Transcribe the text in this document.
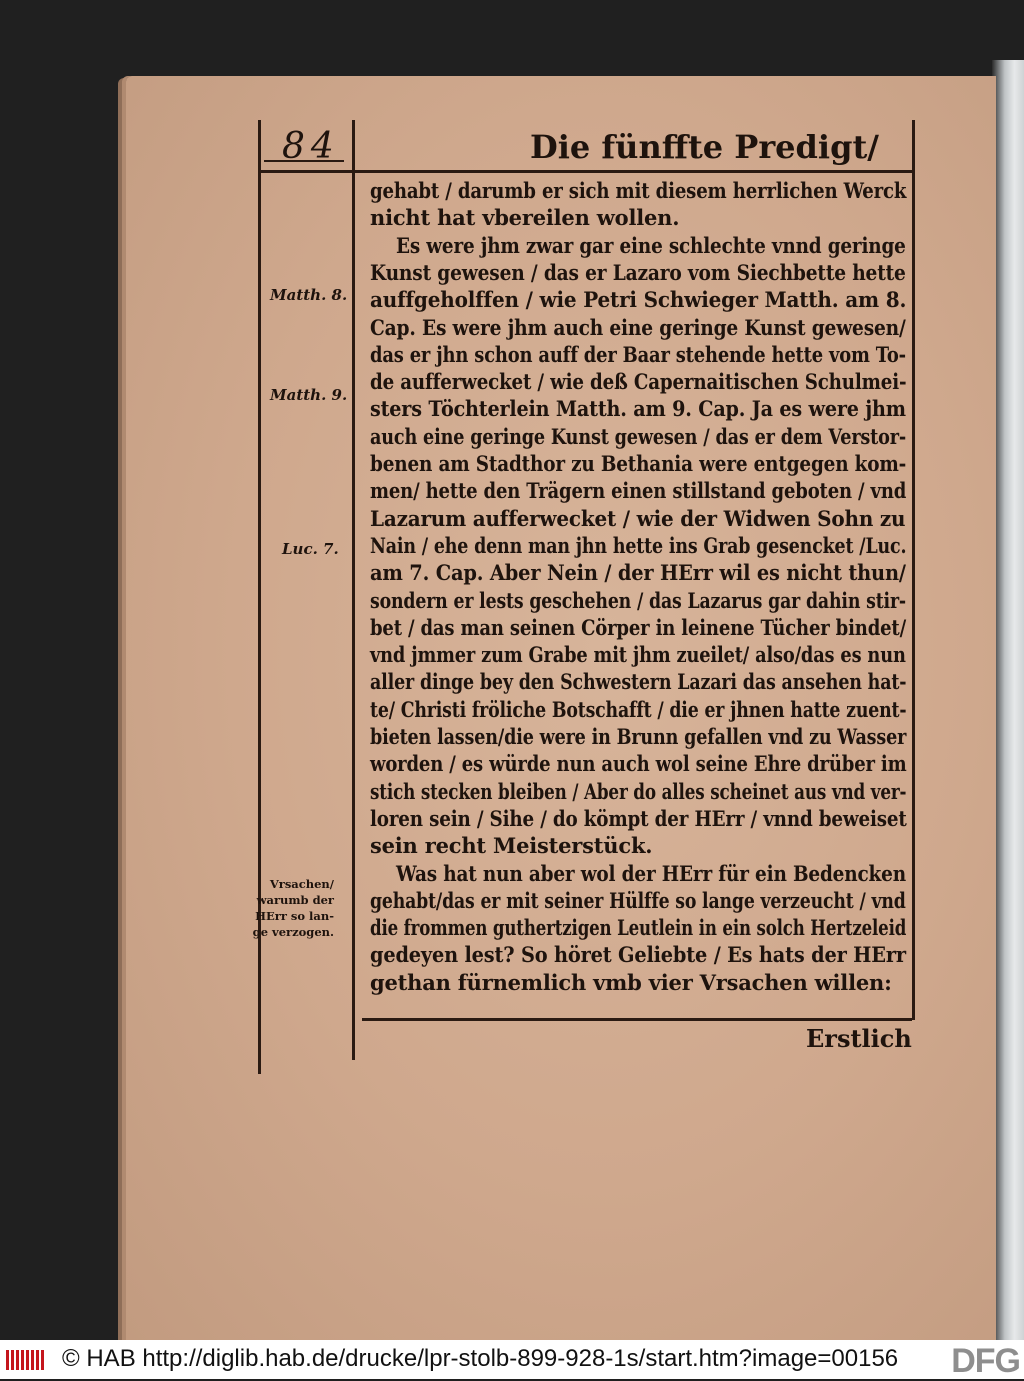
84	Die fünffte Predigt/
gehabt / darumb er sich mit diesem herrlichen Werck
nicht hat vbereilen wollen.
Es were jhm zwar gar eine schlechte vnnd geringe
Kunst gewesen / das er Lazaro vom Siechbette hette
auffgeholffen / wie Petri Schwieger Matth. am 8.
Cap. Es were jhm auch eine geringe Kunst gewesen/
das er jhn schon auff der Baar stehende hette vom To-
de aufferwecket / wie deß Capernaitischen Schulmei-
sters Töchterlein Matth. am 9. Cap. Ja es were jhm
auch eine geringe Kunst gewesen / das er dem Verstor-
benen am Stadthor zu Bethania were entgegen kom-
men/ hette den Trägern einen stillstand geboten / vnd
Lazarum aufferwecket / wie der Widwen Sohn zu
Nain / ehe denn man jhn hette ins Grab gesencket /Luc.
am 7. Cap. Aber Nein / der HErr wil es nicht thun/
sondern er lests geschehen / das Lazarus gar dahin stir-
bet / das man seinen Cörper in leinene Tücher bindet/
vnd jmmer zum Grabe mit jhm zueilet/ also/das es nun
aller dinge bey den Schwestern Lazari das ansehen hat-
te/ Christi fröliche Botschafft / die er jhnen hatte zuent-
bieten lassen/die were in Brunn gefallen vnd zu Wasser
worden / es würde nun auch wol seine Ehre drüber im
stich stecken bleiben / Aber do alles scheinet aus vnd ver-
loren sein / Sihe / do kömpt der HErr / vnnd beweiset
sein recht Meisterstück.
Was hat nun aber wol der HErr für ein Bedencken
gehabt/das er mit seiner Hülffe so lange verzeucht / vnd
die frommen guthertzigen Leutlein in ein solch Hertzeleid
gedeyen lest? So höret Geliebte / Es hats der HErr
gethan fürnemlich vmb vier Vrsachen willen:
Matth. 8.
Matth. 9.
Luc. 7.
Vrsachen/
warumb der
HErr so lan-
ge verzogen.
Erstlich
© HAB http://diglib.hab.de/drucke/lpr-stolb-899-928-1s/start.htm?image=00156 DFG
